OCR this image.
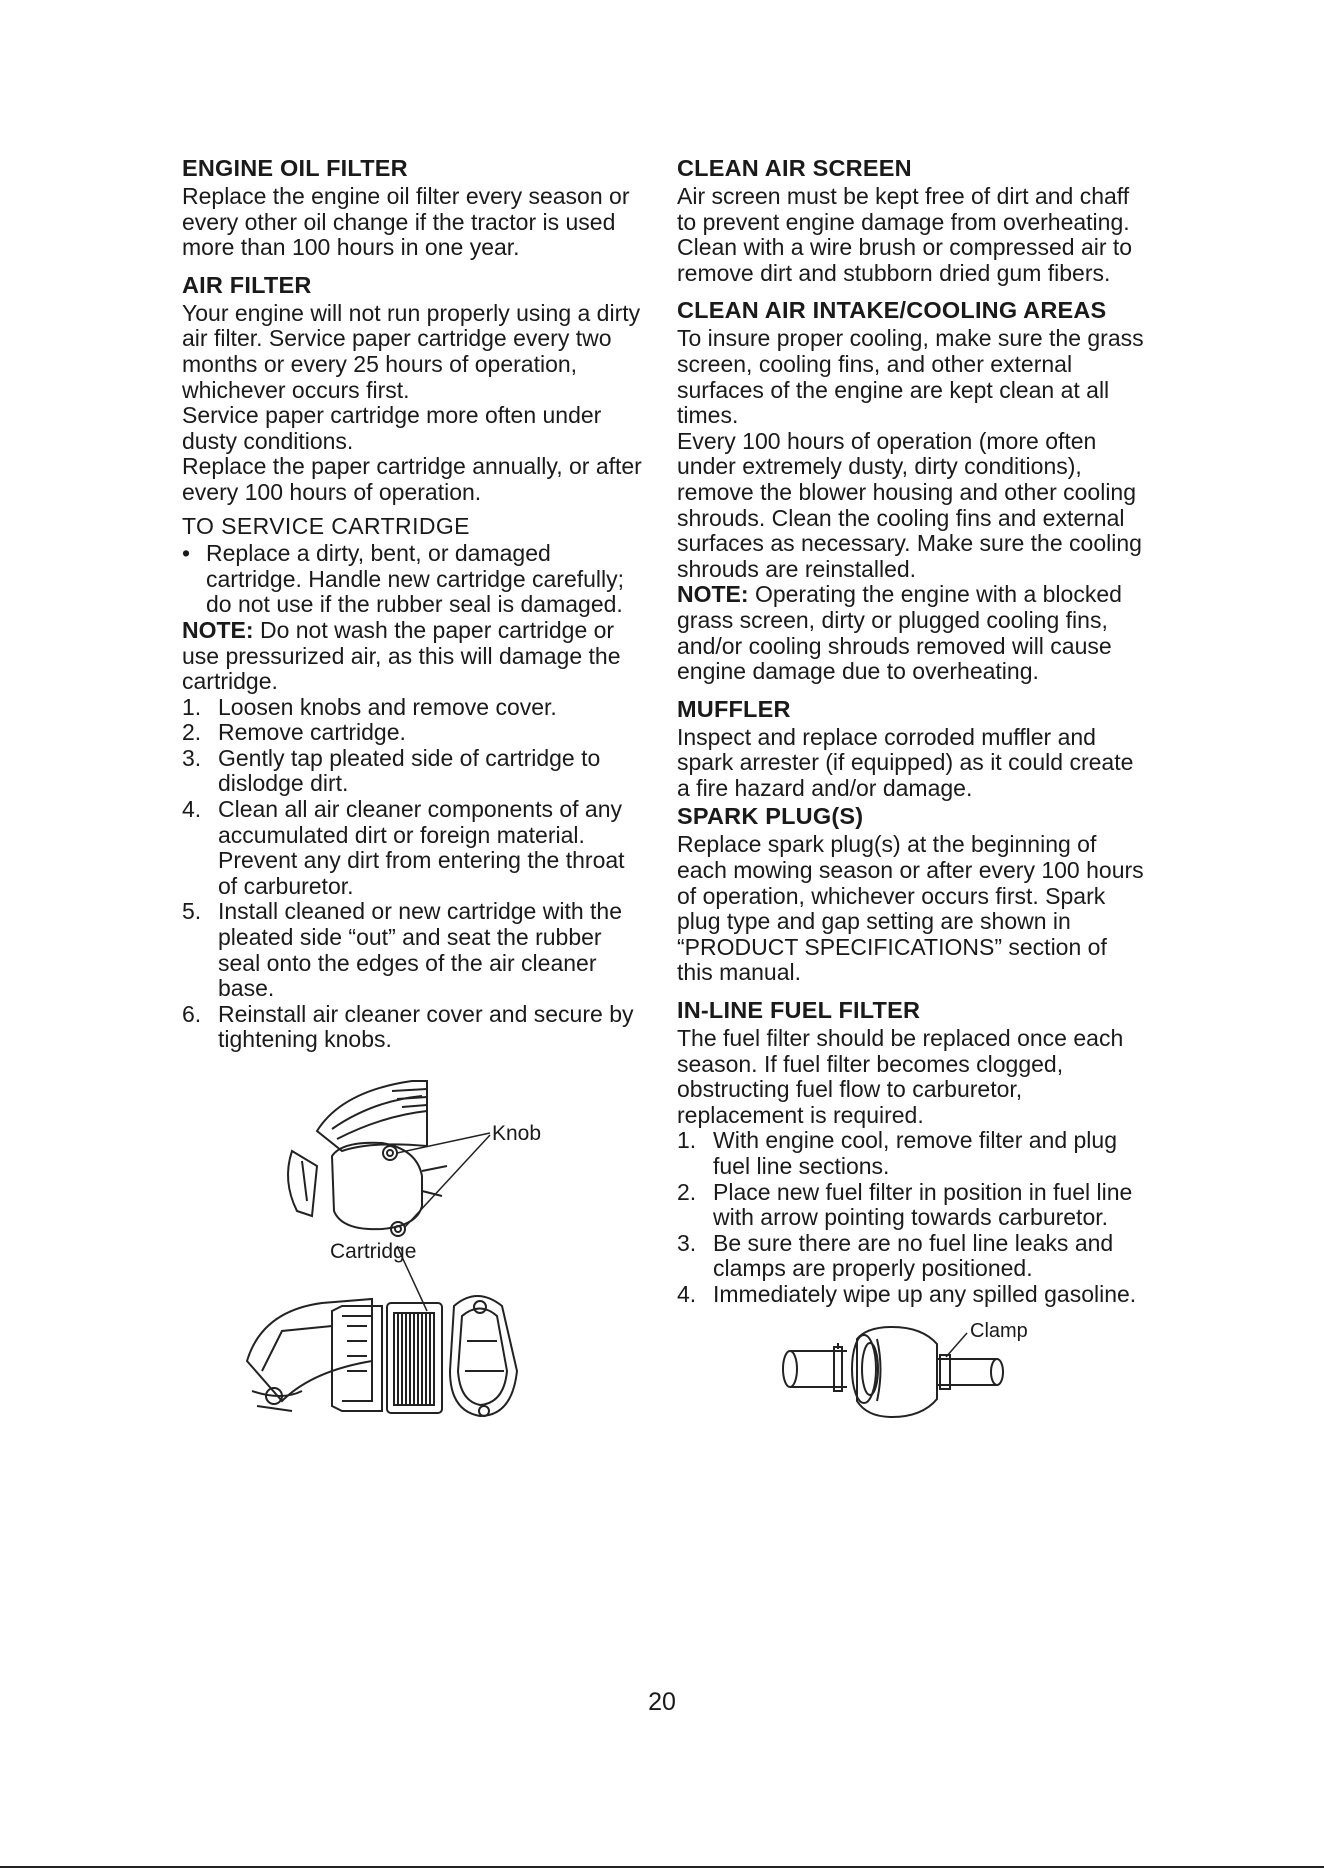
ENGINE OIL FILTER

Replace the engine oil filter every season or every other oil change if the tractor is used more than 100 hours in one year.

AIR FILTER

Your engine will not run properly using a dirty air filter. Service paper cartridge every two months or every 25 hours of operation, whichever occurs first.

Service paper cartridge more often under dusty conditions.

Replace the paper cartridge annually, or after every 100 hours of operation.

TO SERVICE CARTRIDGE

• Replace a dirty, bent, or damaged cartridge. Handle new cartridge carefully; do not use if the rubber seal is damaged.

NOTE: Do not wash the paper cartridge or use pressurized air, as this will damage the cartridge.

1. Loosen knobs and remove cover.
2. Remove cartridge.
3. Gently tap pleated side of cartridge to dislodge dirt.
4. Clean all air cleaner components of any accumulated dirt or foreign material. Prevent any dirt from entering the throat of carburetor.
5. Install cleaned or new cartridge with the pleated side “out” and seat the rubber seal onto the edges of the air cleaner base.
6. Reinstall air cleaner cover and secure by tightening knobs.
Knob
Cartridge
CLEAN AIR SCREEN

Air screen must be kept free of dirt and chaff to prevent engine damage from overheating. Clean with a wire brush or compressed air to remove dirt and stubborn dried gum fibers.

CLEAN AIR INTAKE/COOLING AREAS

To insure proper cooling, make sure the grass screen, cooling fins, and other external surfaces of the engine are kept clean at all times.

Every 100 hours of operation (more often under extremely dusty, dirty conditions), remove the blower housing and other cooling shrouds. Clean the cooling fins and external surfaces as necessary. Make sure the cooling shrouds are reinstalled.

NOTE: Operating the engine with a blocked grass screen, dirty or plugged cooling fins, and/or cooling shrouds removed will cause engine damage due to overheating.

MUFFLER

Inspect and replace corroded muffler and spark arrester (if equipped) as it could create a fire hazard and/or damage.

SPARK PLUG(S)

Replace spark plug(s) at the beginning of each mowing season or after every 100 hours of operation, whichever occurs first. Spark plug type and gap setting are shown in “PRODUCT SPECIFICATIONS” section of this manual.

IN-LINE FUEL FILTER

The fuel filter should be replaced once each season. If fuel filter becomes clogged, obstructing fuel flow to carburetor, replacement is required.

1. With engine cool, remove filter and plug fuel line sections.
2. Place new fuel filter in position in fuel line with arrow pointing towards carburetor.
3. Be sure there are no fuel line leaks and clamps are properly positioned.
4. Immediately wipe up any spilled gasoline.
Clamp
20
